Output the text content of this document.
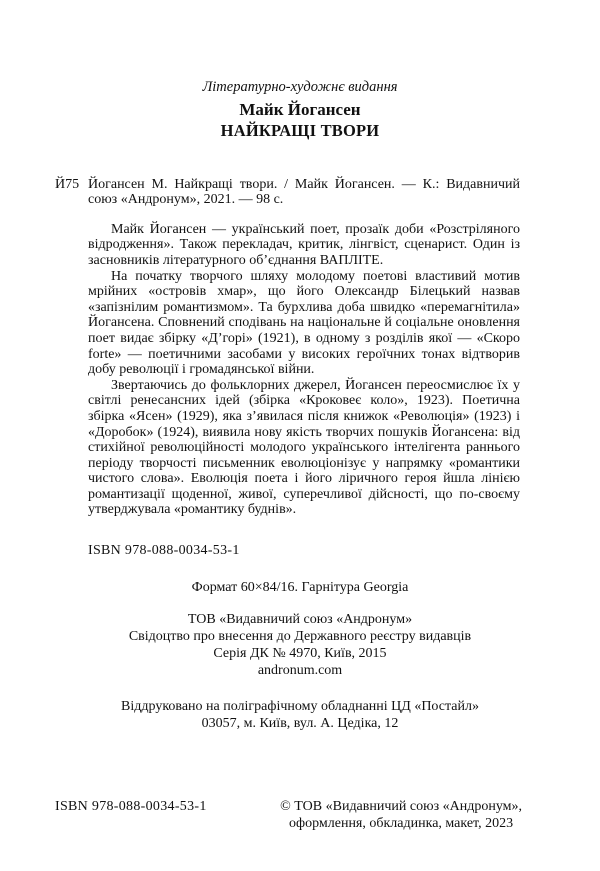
Літературно-художнє видання
Майк Йогансен
НАЙКРАЩІ ТВОРИ
Й75 Йогансен М. Найкращі твори. / Майк Йогансен. — К.: Видавничий союз «Андронум», 2021. — 98 с.

Майк Йогансен — український поет, прозаїк доби «Розстріляного відродження». Також перекладач, критик, лінгвіст, сценарист. Один із засновників літературного об’єднання ВАПЛІТЕ.

На початку творчого шляху молодому поетові властивий мотив мрійних «островів хмар», що його Олександр Білецький назвав «запізнілим романтизмом». Та бурхлива доба швидко «перемагнітила» Йогансена. Сповнений сподівань на національне й соціальне оновлення поет видає збірку «Д’горі» (1921), в одному з розділів якої — «Скоро forte» — поетичними засобами у високих героїчних тонах відтворив добу революції і громадянської війни.

Звертаючись до фольклорних джерел, Йогансен переосмислює їх у світлі ренесансних ідей (збірка «Кроковеє коло», 1923). Поетична збірка «Ясен» (1929), яка з’явилася після книжок «Революція» (1923) і «Доробок» (1924), виявила нову якість творчих пошуків Йогансена: від стихійної революційності молодого українського інтелігента раннього періоду творчості письменник еволюціонізує у напрямку «романтики чистого слова». Еволюція поета і його ліричного героя йшла лінією романтизації щоденної, живої, суперечливої дійсності, що по-своєму утверджувала «романтику буднів».

ISBN 978-088-0034-53-1
Формат 60×84/16. Гарнітура Georgia
ТОВ «Видавничий союз «Андронум»
Свідоцтво про внесення до Державного реєстру видавців
Серія ДК № 4970, Київ, 2015
andronum.com
Віддруковано на поліграфічному обладнанні ЦД «Постайл»
03057, м. Київ, вул. А. Цедіка, 12
ISBN 978-088-0034-53-1	© ТОВ «Видавничий союз «Андронум»,
оформлення, обкладинка, макет, 2023
